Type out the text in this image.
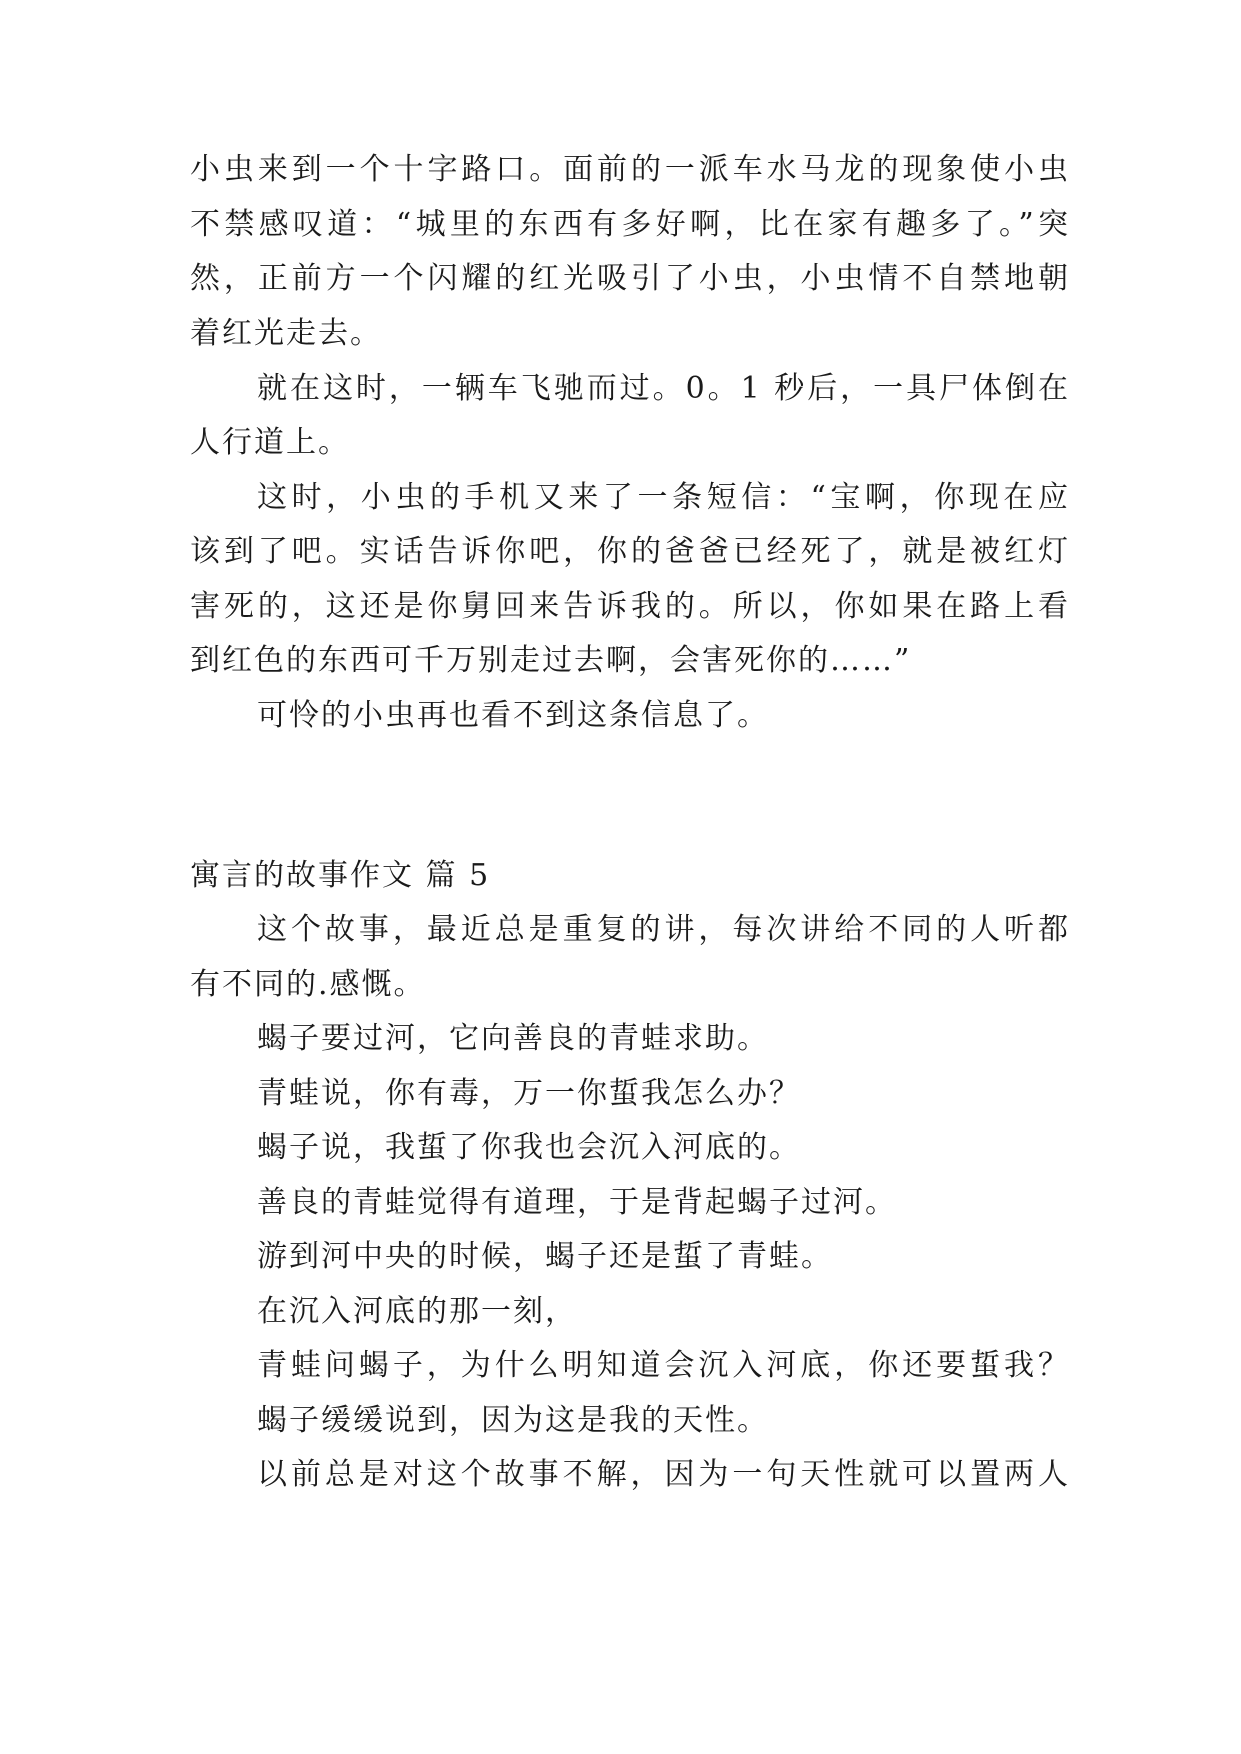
小虫来到一个十字路口。面前的一派车水马龙的现象使小虫
不禁感叹道：“城里的东西有多好啊，比在家有趣多了。”突
然，正前方一个闪耀的红光吸引了小虫，小虫情不自禁地朝
着红光走去。
就在这时，一辆车飞驰而过。0。1 秒后，一具尸体倒在
人行道上。
这时，小虫的手机又来了一条短信：“宝啊，你现在应
该到了吧。实话告诉你吧，你的爸爸已经死了，就是被红灯
害死的，这还是你舅回来告诉我的。所以，你如果在路上看
到红色的东西可千万别走过去啊，会害死你的……”
可怜的小虫再也看不到这条信息了。
寓言的故事作文 篇 5
这个故事，最近总是重复的讲，每次讲给不同的人听都
有不同的.感慨。
蝎子要过河，它向善良的青蛙求助。
青蛙说，你有毒，万一你蜇我怎么办？
蝎子说，我蜇了你我也会沉入河底的。
善良的青蛙觉得有道理，于是背起蝎子过河。
游到河中央的时候，蝎子还是蜇了青蛙。
在沉入河底的那一刻，
青蛙问蝎子，为什么明知道会沉入河底，你还要蜇我？
蝎子缓缓说到，因为这是我的天性。
以前总是对这个故事不解，因为一句天性就可以置两人
